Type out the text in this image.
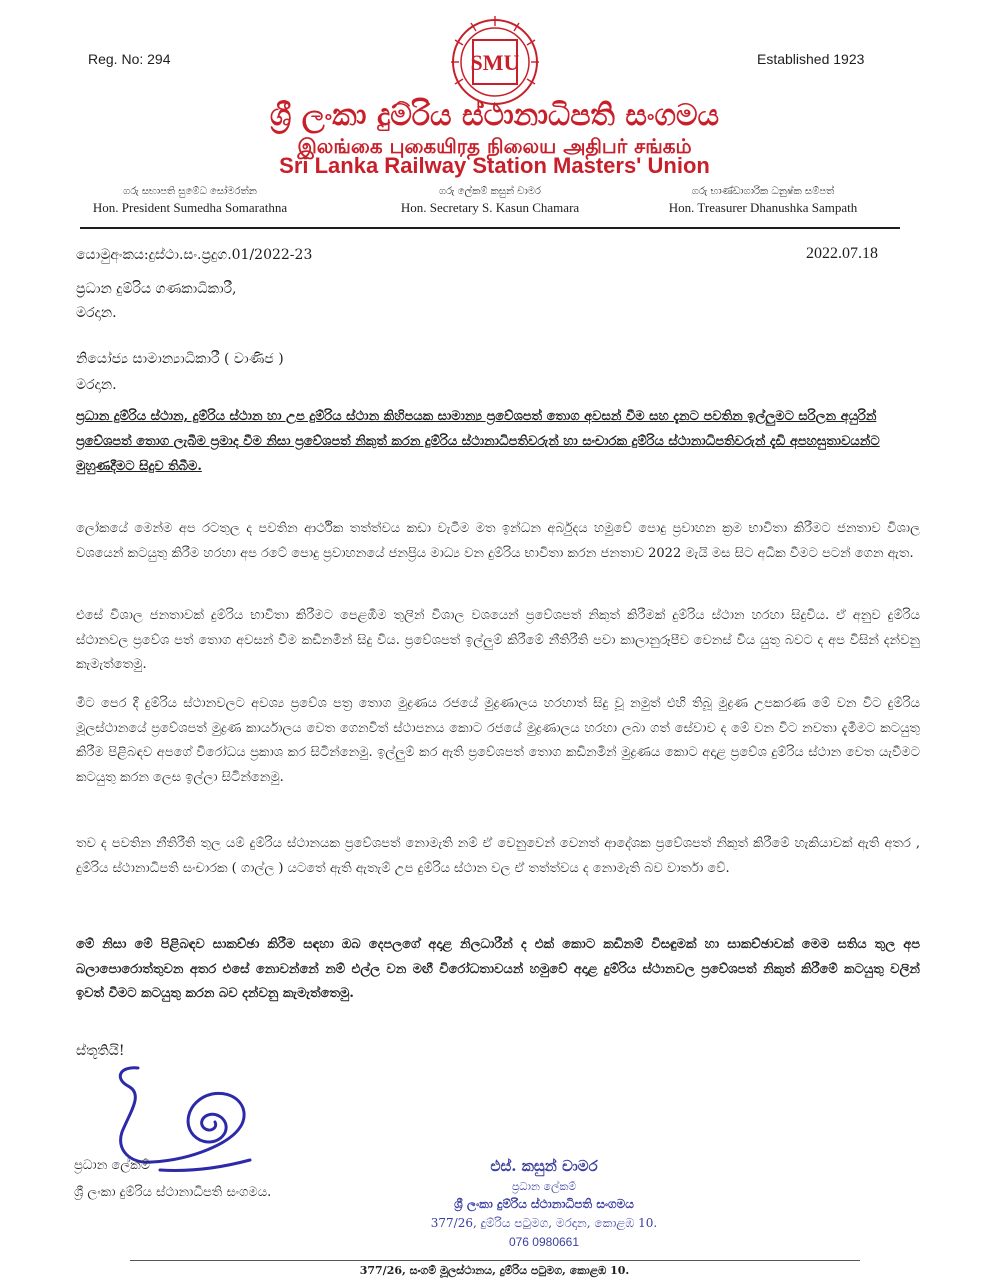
SMU
Reg. No: 294	Established 1923
ශ්‍රී ලංකා දුම්රිය ස්ථානාධිපති සංගමය
இலங்கை புகையிரத நிலைய அதிபர் சங்கம்
Sri Lanka Railway Station Masters' Union
ගරු සභාපති සුමේධ සෝමරත්න
Hon. President Sumedha Somarathna
ගරු ලේකම් කසුන් චාමර
Hon. Secretary S. Kasun Chamara
ගරු භාණ්ඩාගාරික ධනුෂ්ක සම්පත්
Hon. Treasurer Dhanushka Sampath
යොමුඅංකය:දුස්ථා.සං.ප්‍රදුග.01/2022-23	2022.07.18
ප්‍රධාන දුම්රිය ගණකාධිකාරී,
මරදාන.
නියෝජ්‍ය සාමාන්‍යාධිකාරී ( වාණිජ )
මරදාන.
ප්‍රධාන දුම්රිය ස්ථාන, දුම්රිය ස්ථාන හා උප දුම්රිය ස්ථාන කිහිපයක සාමාන්‍ය ප්‍රවේශපත් තොග අවසන් වීම සහ දැනට පවතින ඉල්ලුමට සරිලන අයුරින් ප්‍රවේශපත් තොග ලැබීම ප්‍රමාද වීම නිසා ප්‍රවේශපත් නිකුත් කරන දුම්රිය ස්ථානාධිපතිවරුන් හා සංචාරක දුම්රිය ස්ථානාධිපතිවරුන් දැඩි අපහසුතාවයන්ට මුහුණදීමට සිදුව තිබීම.
ලෝකයේ මෙන්ම අප රටතුල ද පවතින ආර්ථික තත්ත්වය කඩා වැටීම මත ඉන්ධන අර්බුදය හමුවේ පොදු ප්‍රවාහන ක්‍රම භාවිතා කිරීමට ජනතාව විශාල වශයෙන් කටයුතු කිරීම හරහා අප රටේ පොදු ප්‍රවාහනයේ ජනප්‍රිය මාධ්‍ය වන දුම්රිය භාවිතා කරන ජනතාව 2022 මැයි මස සිට අධික වීමට පටන් ගෙන ඇත.
එසේ විශාල ජනතාවක් දුම්රිය භාවිතා කිරීමට පෙළඹීම තුලින් විශාල වශයෙන් ප්‍රවේශපත් නිකුත් කිරීමක් දුම්රිය ස්ථාන හරහා සිදුවිය. ඒ අනුව දුම්රිය ස්ථානවල ප්‍රවේශ පත් තොග අවසන් වීම කඩිනමින් සිදු විය. ප්‍රවේශපත් ඉල්ලුම් කිරීමේ නීතිරීති පවා කාලානුරූපීව වෙනස් විය යුතු බවට ද අප විසින් දන්වනු කැමැත්තෙමු.
මීට පෙර දී දුම්රිය ස්ථානවලට අවශ්‍ය ප්‍රවේශ පත්‍ර තොග මුද්‍රණය රජයේ මුද්‍රණාලය හරහාත් සිදු වූ නමුත් එහි තිබූ මුද්‍රණ උපකරණ මේ වන විට දුම්රිය මූලස්ථානයේ ප්‍රවේශපත් මුද්‍රණ කාර්යාලය වෙත ගෙනවිත් ස්ථාපනය කොට රජයේ මුද්‍රණාලය හරහා ලබා ගත් සේවාව ද මේ වන විට නවතා දැමීමට කටයුතු කිරීම පිළිබඳව අපගේ විරෝධය ප්‍රකාශ කර සිටින්නෙමු. ඉල්ලුම් කර ඇති ප්‍රවේශපත් තොග කඩිනමින් මුද්‍රණය කොට අදාළ ප්‍රවේශ දුම්රිය ස්ථාන වෙත යැවීමට කටයුතු කරන ලෙස ඉල්ලා සිටින්නෙමු.
තව ද පවතින නීතිරීති තුල යම් දුම්රිය ස්ථානයක ප්‍රවේශපත් නොමැති නම් ඒ වෙනුවෙන් වෙනත් ආදේශක ප්‍රවේශපත් නිකුත් කිරීමේ හැකියාවක් ඇති අතර , දුම්රිය ස්ථානාධිපති සංචාරක ( ගාල්ල ) යටතේ ඇති ඇතැම් උප දුම්රිය ස්ථාන වල ඒ තත්ත්වය ද නොමැති බව වාර්තා වේ.
මේ නිසා මේ පිළිබඳව සාකච්ඡා කිරීම සඳහා ඔබ දෙපලගේ අදාළ නිලධාරීන් ද එක් කොට කඩිනම් විසඳුමක් හා සාකච්ඡාවක් මෙම සතිය තුල අප බලාපොරොත්තුවන අතර එසේ නොවන්නේ නම් එල්ල වන මඟී විරෝධතාවයන් හමුවේ අදාළ දුම්රිය ස්ථානවල ප්‍රවේශපත් නිකුත් කිරීමේ කටයුතු වලින් ඉවත් වීමට කටයුතු කරන බව දන්වනු කැමැත්තෙමු.
ස්තූතියි!
ප්‍රධාන ලේකම්
ශ්‍රී ලංකා දුම්රිය ස්ථානාධිපති සංගමය.
එස්. කසුන් චාමර
ප්‍රධාන ලේකම්
ශ්‍රී ලංකා දුම්රිය ස්ථානාධිපති සංගමය
377/26, දුම්රිය පටුමග, මරදාන, කොළඹ 10.
076 0980661
377/26, සංගම් මූලස්ථානය, දුම්රිය පටුමග, කොළඹ 10.
